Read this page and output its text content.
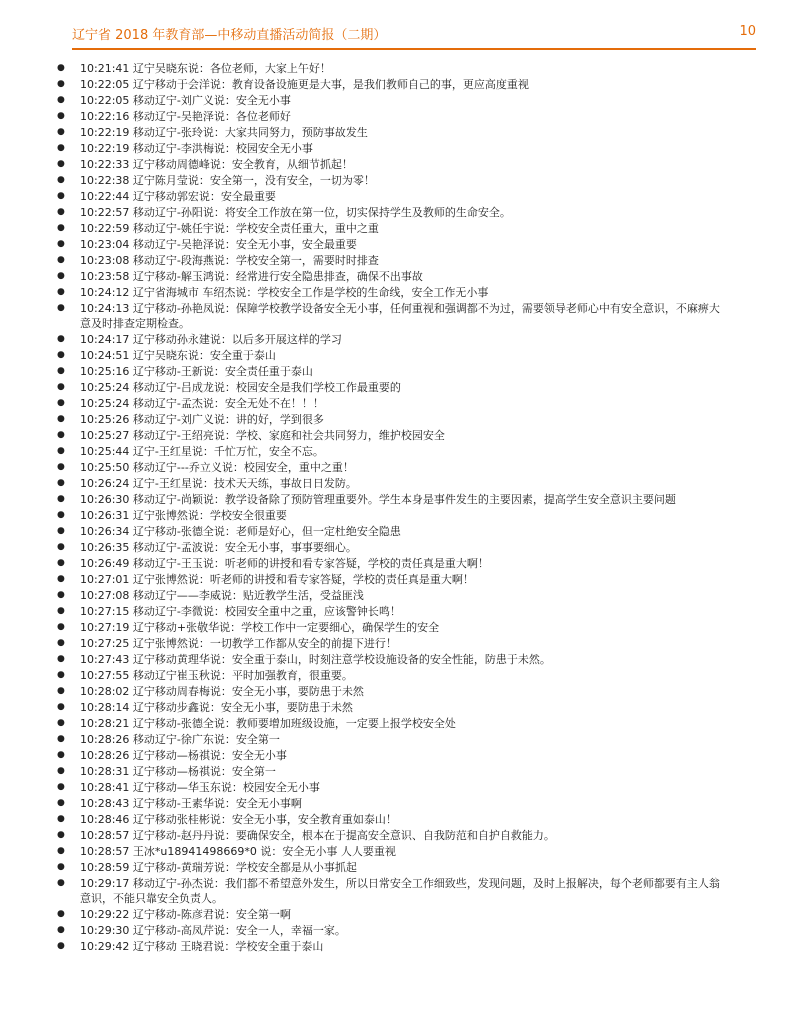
辽宁省 2018 年教育部—中移动直播活动简报（二期）	10
● 10:21:41 辽宁吴晓东说：各位老师，大家上午好！
● 10:22:05 辽宁移动于会洋说：教育设备设施更是大事，是我们教师自己的事，更应高度重视
● 10:22:05 移动辽宁-刘广义说：安全无小事
● 10:22:16 移动辽宁-吴艳泽说：各位老师好
● 10:22:19 移动辽宁-张玲说：大家共同努力，预防事故发生
● 10:22:19 移动辽宁-李洪梅说：校园安全无小事
● 10:22:33 辽宁移动周德峰说：安全教育，从细节抓起！
● 10:22:38 辽宁陈月莹说：安全第一，没有安全，一切为零！
● 10:22:44 辽宁移动郭宏说：安全最重要
● 10:22:57 移动辽宁-孙阳说：将安全工作放在第一位，切实保持学生及教师的生命安全。
● 10:22:59 移动辽宁-姚任宇说：学校安全责任重大，重中之重
● 10:23:04 移动辽宁-吴艳泽说：安全无小事，安全最重要
● 10:23:08 移动辽宁-段海燕说：学校安全第一，需要时时排查
● 10:23:58 辽宁移动-解玉鸿说：经常进行安全隐患排查，确保不出事故
● 10:24:12 辽宁省海城市 车绍杰说：学校安全工作是学校的生命线，安全工作无小事
● 10:24:13 辽宁移动-孙艳凤说：保障学校教学设备安全无小事，任何重视和强调都不为过，需要领导老师心中有安全意识，不麻痹大意及时排查定期检查。
● 10:24:17 辽宁移动孙永建说：以后多开展这样的学习
● 10:24:51 辽宁吴晓东说：安全重于泰山
● 10:25:16 辽宁移动-王新说：安全责任重于泰山
● 10:25:24 移动辽宁-吕成龙说：校园安全是我们学校工作最重要的
● 10:25:24 移动辽宁-孟杰说：安全无处不在！！！
● 10:25:26 移动辽宁-刘广义说：讲的好，学到很多
● 10:25:27 移动辽宁-王绍亮说：学校、家庭和社会共同努力，维护校园安全
● 10:25:44 辽宁-王红星说：千忙万忙，安全不忘。
● 10:25:50 移动辽宁---乔立义说：校园安全，重中之重！
● 10:26:24 辽宁-王红星说：技术天天练，事故日日发防。
● 10:26:30 移动辽宁-尚颖说：教学设备除了预防管理重要外。学生本身是事件发生的主要因素，提高学生安全意识主要问题
● 10:26:31 辽宁张博然说：学校安全很重要
● 10:26:34 辽宁移动-张德全说：老师是好心，但一定杜绝安全隐患
● 10:26:35 移动辽宁-孟波说：安全无小事，事事要细心。
● 10:26:49 移动辽宁-王玉说：听老师的讲授和看专家答疑，学校的责任真是重大啊！
● 10:27:01 辽宁张博然说：听老师的讲授和看专家答疑，学校的责任真是重大啊！
● 10:27:08 移动辽宁——李威说：贴近教学生活，受益匪浅
● 10:27:15 移动辽宁-李微说：校园安全重中之重，应该警钟长鸣！
● 10:27:19 辽宁移动+张敬华说：学校工作中一定要细心，确保学生的安全
● 10:27:25 辽宁张博然说：一切教学工作都从安全的前提下进行！
● 10:27:43 辽宁移动黄理华说：安全重于泰山，时刻注意学校设施设备的安全性能，防患于未然。
● 10:27:55 移动辽宁崔玉秋说：平时加强教育，很重要。
● 10:28:02 辽宁移动周春梅说：安全无小事，要防患于未然
● 10:28:14 辽宁移动步鑫说：安全无小事，要防患于未然
● 10:28:21 辽宁移动-张德全说：教师要增加班级设施，一定要上报学校安全处
● 10:28:26 移动辽宁-徐广东说：安全第一
● 10:28:26 辽宁移动—杨祺说：安全无小事
● 10:28:31 辽宁移动—杨祺说：安全第一
● 10:28:41 辽宁移动—华玉东说：校园安全无小事
● 10:28:43 辽宁移动-王素华说：安全无小事啊
● 10:28:46 辽宁移动张桂彬说：安全无小事，安全教育重如泰山！
● 10:28:57 辽宁移动-赵丹丹说：要确保安全，根本在于提高安全意识、自我防范和自护自救能力。
● 10:28:57 王冰*u18941498669*0 说：安全无小事 人人要重视
● 10:28:59 辽宁移动-黄瑞芳说：学校安全都是从小事抓起
● 10:29:17 移动辽宁-孙杰说：我们都不希望意外发生，所以日常安全工作细致些，发现问题，及时上报解决，每个老师都要有主人翁意识，不能只靠安全负责人。
● 10:29:22 辽宁移动-陈彦君说：安全第一啊
● 10:29:30 辽宁移动-高凤芹说：安全一人，幸福一家。
● 10:29:42 辽宁移动 王晓君说：学校安全重于泰山
